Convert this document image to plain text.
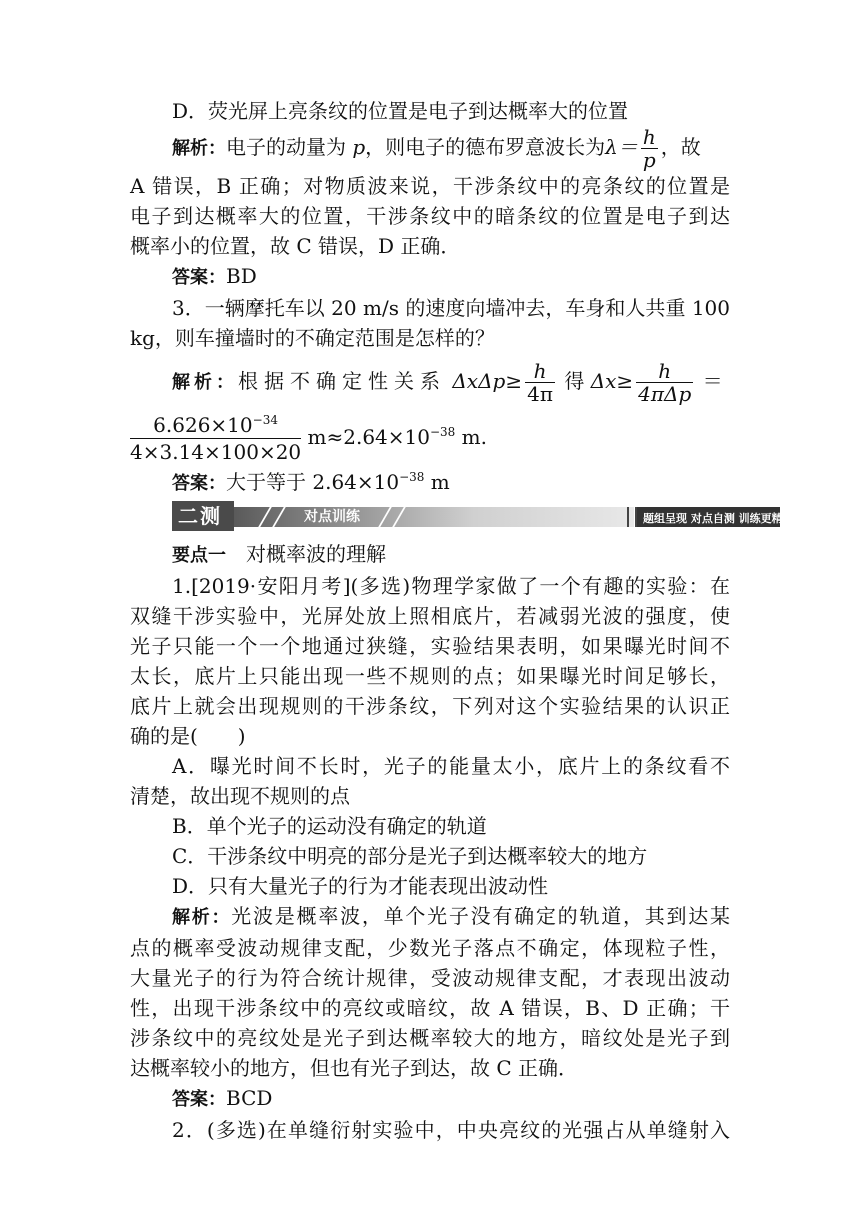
D．荧光屏上亮条纹的位置是电子到达概率大的位置
解析：电子的动量为 p，则电子的德布罗意波长为$\lambda= \frac{h}{p}$ ，故
A 错误，B 正确；对物质波来说，干涉条纹中的亮条纹的位置是
电子到达概率大的位置，干涉条纹中的暗条纹的位置是电子到达
概率小的位置，故 C 错误，D 正确．
答案：BD
3．一辆摩托车以 20 m/s 的速度向墙冲去，车身和人共重 100
kg，则车撞墙时的不确定范围是怎样的？
解析：根据不确定性关系 $\Delta x\Delta p\ge \frac{h}{4\pi}$ 得 $\Delta x\ge \frac{h}{\text{4πΔp}}$ ＝
$\frac{6.626\times 10^{-34}}{4\times 3.14\times 100\times 20} m\approx 2.64\times 10^{-38}$ m.
答案：大于等于 $2.64\times 10^{-38}$ m
二测	对点训练	题组呈现 对点自测 训练更精准
要点一　 对概率波的理解
1.[2019·安阳月考](多选)物理学家做了一个有趣的实验：在
双缝干涉实验中，光屏处放上照相底片，若减弱光波的强度，使
光子只能一个一个地通过狭缝，实验结果表明，如果曝光时间不
太长，底片上只能出现一些不规则的点；如果曝光时间足够长，
底片上就会出现规则的干涉条纹，下列对这个实验结果的认识正
确的是(　　)
A．曝光时间不长时，光子的能量太小，底片上的条纹看不
清楚，故出现不规则的点
B．单个光子的运动没有确定的轨道
C．干涉条纹中明亮的部分是光子到达概率较大的地方
D．只有大量光子的行为才能表现出波动性
解析：光波是概率波，单个光子没有确定的轨道，其到达某
点的概率受波动规律支配，少数光子落点不确定，体现粒子性，
大量光子的行为符合统计规律，受波动规律支配，才表现出波动
性，出现干涉条纹中的亮纹或暗纹，故 A 错误，B、D 正确；干
涉条纹中的亮纹处是光子到达概率较大的地方，暗纹处是光子到
达概率较小的地方，但也有光子到达，故 C 正确．
答案：BCD
2．(多选)在单缝衍射实验中，中央亮纹的光强占从单缝射入
